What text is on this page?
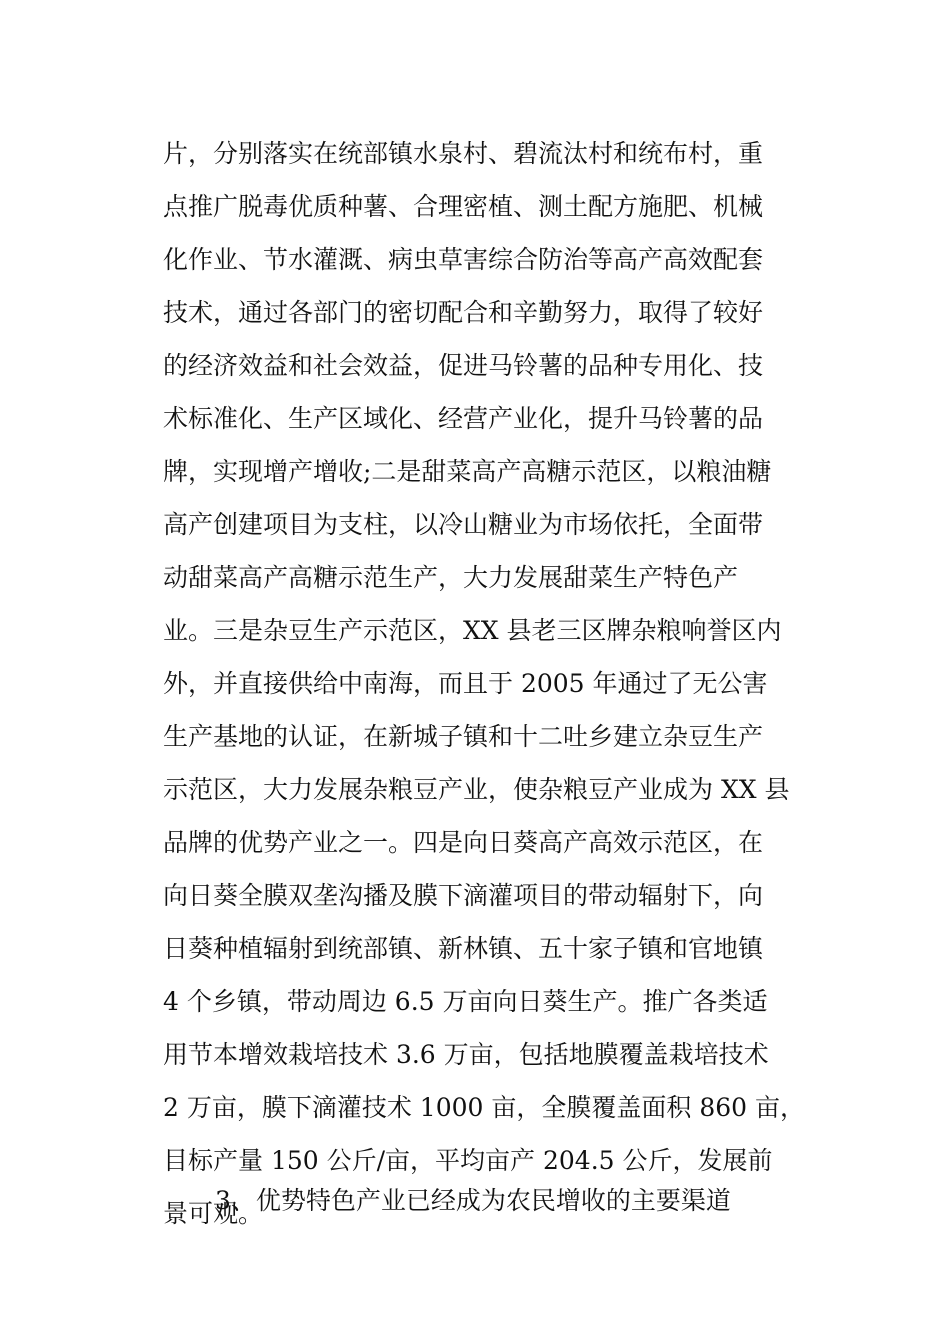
片，分别落实在统部镇水泉村、碧流汰村和统布村，重
点推广脱毒优质种薯、合理密植、测土配方施肥、机械
化作业、节水灌溉、病虫草害综合防治等高产高效配套
技术，通过各部门的密切配合和辛勤努力，取得了较好
的经济效益和社会效益，促进马铃薯的品种专用化、技
术标准化、生产区域化、经营产业化，提升马铃薯的品
牌，实现增产增收;二是甜菜高产高糖示范区，以粮油糖
高产创建项目为支柱，以冷山糖业为市场依托，全面带
动甜菜高产高糖示范生产，大力发展甜菜生产特色产
业。三是杂豆生产示范区，XX 县老三区牌杂粮响誉区内
外，并直接供给中南海，而且于 2005 年通过了无公害
生产基地的认证，在新城子镇和十二吐乡建立杂豆生产
示范区，大力发展杂粮豆产业，使杂粮豆产业成为 XX 县
品牌的优势产业之一。四是向日葵高产高效示范区，在
向日葵全膜双垄沟播及膜下滴灌项目的带动辐射下，向
日葵种植辐射到统部镇、新林镇、五十家子镇和官地镇
4 个乡镇，带动周边 6.5 万亩向日葵生产。推广各类适
用节本增效栽培技术 3.6 万亩，包括地膜覆盖栽培技术
2 万亩，膜下滴灌技术 1000 亩，全膜覆盖面积 860 亩，
目标产量 150 公斤/亩，平均亩产 204.5 公斤，发展前
景可观。
3、优势特色产业已经成为农民增收的主要渠道
